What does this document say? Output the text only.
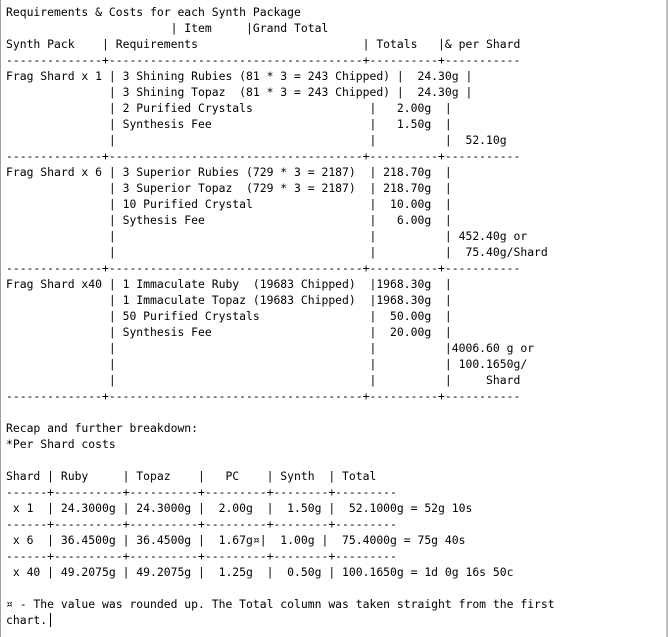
Requirements & Costs for each Synth Package
| Item     |Grand Total
Synth Pack    | Requirements                        | Totals   |& per Shard
--------------+-------------------------------------+----------+-----------
Frag Shard x 1 | 3 Shining Rubies (81 * 3 = 243 Chipped) |  24.30g |
| 3 Shining Topaz  (81 * 3 = 243 Chipped) |  24.30g |
| 2 Purified Crystals                 |   2.00g  |
| Synthesis Fee                       |   1.50g  |
|                                     |          |  52.10g
--------------+-------------------------------------+----------+-----------
Frag Shard x 6 | 3 Superior Rubies (729 * 3 = 2187)  | 218.70g  |
| 3 Superior Topaz  (729 * 3 = 2187)  | 218.70g  |
| 10 Purified Crystal                 |  10.00g  |
| Sythesis Fee                        |   6.00g  |
|                                     |          | 452.40g or
|                                     |          |  75.40g/Shard
--------------+-------------------------------------+----------+-----------
Frag Shard x40 | 1 Immaculate Ruby  (19683 Chipped)  |1968.30g  |
| 1 Immaculate Topaz (19683 Chipped)  |1968.30g  |
| 50 Purified Crystals                |  50.00g  |
| Synthesis Fee                       |  20.00g  |
|                                     |          |4006.60 g or
|                                     |          | 100.1650g/
|                                     |          |     Shard
--------------+-------------------------------------+----------+-----------
Recap and further breakdown:
*Per Shard costs
Shard | Ruby     | Topaz    |   PC    | Synth  | Total
------+----------+----------+---------+--------+---------
x 1  | 24.3000g | 24.3000g |  2.00g  |  1.50g |  52.1000g = 52g 10s
------+----------+----------+---------+--------+---------
x 6  | 36.4500g | 36.4500g |  1.67g¤|  1.00g |  75.4000g = 75g 40s
------+----------+----------+---------+--------+---------
x 40 | 49.2075g | 49.2075g |  1.25g  |  0.50g | 100.1650g = 1d 0g 16s 50c
¤ - The value was rounded up. The Total column was taken straight from the first
chart.
